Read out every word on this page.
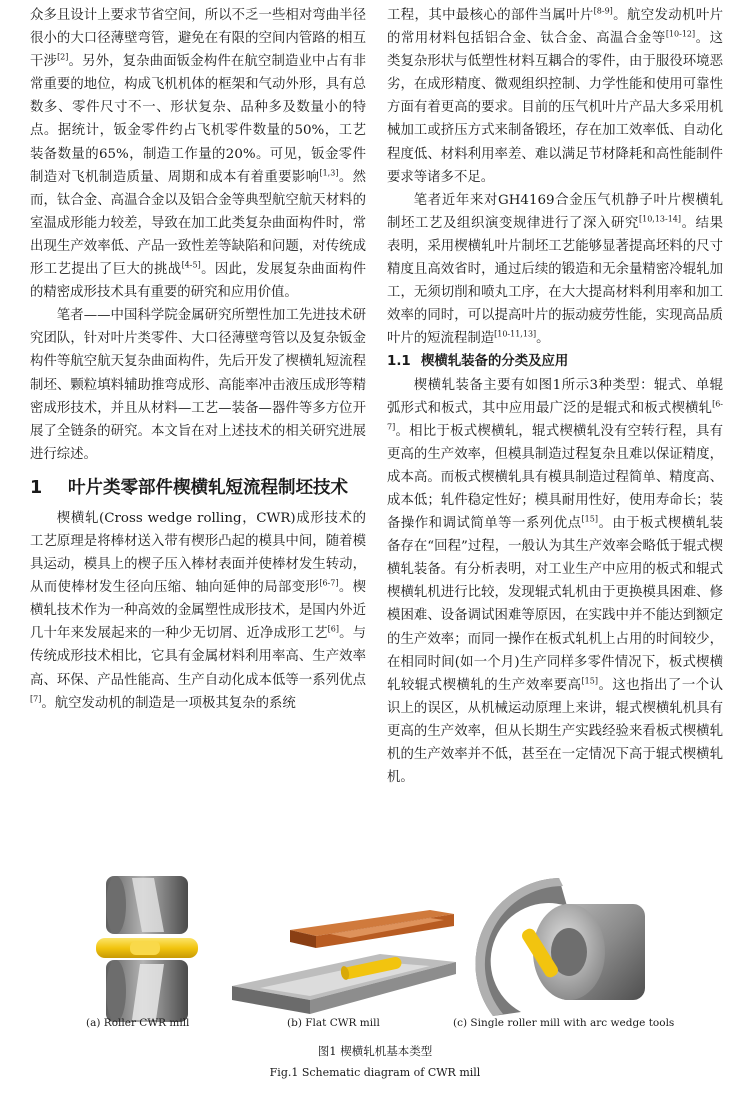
众多且设计上要求节省空间，所以不乏一些相对弯曲半径很小的大口径薄壁弯管，避免在有限的空间内管路的相互干涉[2]。另外，复杂曲面钣金构件在航空制造业中占有非常重要的地位，构成飞机机体的框架和气动外形，具有总数多、零件尺寸不一、形状复杂、品种多及数量小的特点。据统计，钣金零件约占飞机零件数量的50%，工艺装备数量的65%，制造工作量的20%。可见，钣金零件制造对飞机制造质量、周期和成本有着重要影响[1,3]。然而，钛合金、高温合金以及铝合金等典型航空航天材料的室温成形能力较差，导致在加工此类复杂曲面构件时，常出现生产效率低、产品一致性差等缺陷和问题，对传统成形工艺提出了巨大的挑战[4-5]。因此，发展复杂曲面构件的精密成形技术具有重要的研究和应用价值。

笔者——中国科学院金属研究所塑性加工先进技术研究团队，针对叶片类零件、大口径薄壁弯管以及复杂钣金构件等航空航天复杂曲面构件，先后开发了楔横轧短流程制坯、颗粒填料辅助推弯成形、高能率冲击液压成形等精密成形技术，并且从材料—工艺—装备—器件等多方位开展了全链条的研究。本文旨在对上述技术的相关研究进展进行综述。

1	叶片类零部件楔横轧短流程制坯技术

楔横轧(Cross wedge rolling，CWR)成形技术的工艺原理是将棒材送入带有楔形凸起的模具中间，随着模具运动，模具上的楔子压入棒材表面并使棒材发生转动，从而使棒材发生径向压缩、轴向延伸的局部变形[6-7]。楔横轧技术作为一种高效的金属塑性成形技术，是国内外近几十年来发展起来的一种少无切屑、近净成形工艺[6]。与传统成形技术相比，它具有金属材料利用率高、生产效率高、环保、产品性能高、生产自动化成本低等一系列优点[7]。航空发动机的制造是一项极其复杂的系统

工程，其中最核心的部件当属叶片[8-9]。航空发动机叶片的常用材料包括铝合金、钛合金、高温合金等[10-12]。这类复杂形状与低塑性材料互耦合的零件，由于服役环境恶劣，在成形精度、微观组织控制、力学性能和使用可靠性方面有着更高的要求。目前的压气机叶片产品大多采用机械加工或挤压方式来制备锻坯，存在加工效率低、自动化程度低、材料利用率差、难以满足节材降耗和高性能制件要求等诸多不足。

笔者近年来对GH4169合金压气机静子叶片楔横轧制坯工艺及组织演变规律进行了深入研究[10,13-14]。结果表明，采用楔横轧叶片制坯工艺能够显著提高坯料的尺寸精度且高效省时，通过后续的锻造和无余量精密冷辊轧加工，无须切削和喷丸工序，在大大提高材料利用率和加工效率的同时，可以提高叶片的振动疲劳性能，实现高品质叶片的短流程制造[10-11,13]。

1.1 楔横轧装备的分类及应用

楔横轧装备主要有如图1所示3种类型：辊式、单辊弧形式和板式，其中应用最广泛的是辊式和板式楔横轧[6-7]。相比于板式楔横轧，辊式楔横轧没有空转行程，具有更高的生产效率，但模具制造过程复杂且难以保证精度，成本高。而板式楔横轧具有模具制造过程简单、精度高、成本低；轧件稳定性好；模具耐用性好，使用寿命长；装备操作和调试简单等一系列优点[15]。由于板式楔横轧装备存在“回程”过程，一般认为其生产效率会略低于辊式楔横轧装备。有分析表明，对工业生产中应用的板式和辊式楔横轧机进行比较，发现辊式轧机由于更换模具困难、修模困难、设备调试困难等原因，在实践中并不能达到额定的生产效率；而同一操作在板式轧机上占用的时间较少，在相同时间(如一个月)生产同样多零件情况下，板式楔横轧较辊式楔横轧的生产效率要高[15]。这也指出了一个认识上的误区，从机械运动原理上来讲，辊式楔横轧机具有更高的生产效率，但从长期生产实践经验来看板式楔横轧机的生产效率并不低，甚至在一定情况下高于辊式楔横轧机。

(a) Roller CWR mill	(b) Flat CWR mill	(c) Single roller mill with arc wedge tools
图1 楔横轧机基本类型
Fig.1 Schematic diagram of CWR mill
